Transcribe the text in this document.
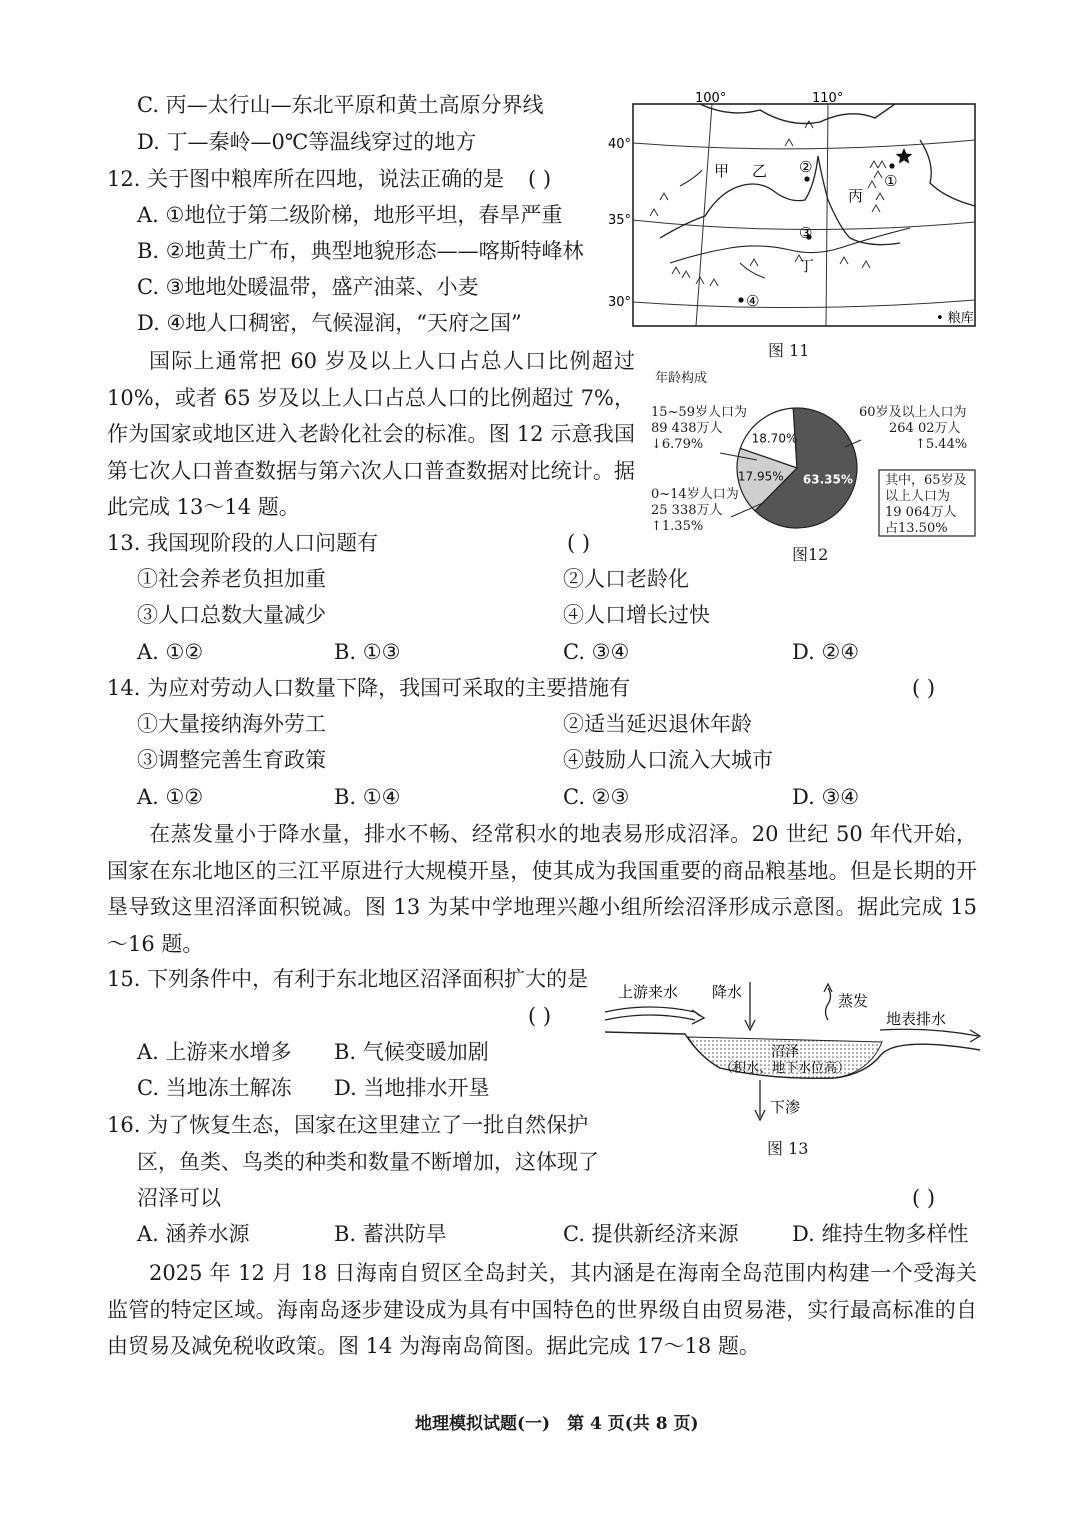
C. 丙—太行山—东北平原和黄土高原分界线
D. 丁—秦岭—0℃等温线穿过的地方
12. 关于图中粮库所在四地，说法正确的是 ( )
A. ①地位于第二级阶梯，地形平坦，春旱严重
B. ②地黄土广布，典型地貌形态——喀斯特峰林
C. ③地地处暖温带，盛产油菜、小麦
D. ④地人口稠密，气候湿润，“天府之国”
100°	110°
40°
35°
30°
甲 乙
丙
丁
①
②
③
④
• 粮库
图 11
国际上通常把 60 岁及以上人口占总人口比例超过 10%，或者 65 岁及以上人口占总人口的比例超过 7%，作为国家或地区进入老龄化社会的标准。图 12 示意我国第七次人口普查数据与第六次人口普查数据对比统计。据此完成 13～14 题。
年龄构成
63.35%
17.95%
18.70%
15~59岁人口为
89 438万人
↓6.79%
0~14岁人口为
25 338万人
↑1.35%
60岁及以上人口为
264 02万人
↑5.44%
其中，65岁及
以上人口为
19 064万人
占13.50%
图12
13. 我国现阶段的人口问题有	( )
①社会养老负担加重	②人口老龄化
③人口总数大量减少	④人口增长过快
A. ①②	B. ①③	C. ③④	D. ②④
14. 为应对劳动人口数量下降，我国可采取的主要措施有	( )
①大量接纳海外劳工	②适当延迟退休年龄
③调整完善生育政策	④鼓励人口流入大城市
A. ①②	B. ①④	C. ②③	D. ③④
在蒸发量小于降水量，排水不畅、经常积水的地表易形成沼泽。20 世纪 50 年代开始，国家在东北地区的三江平原进行大规模开垦，使其成为我国重要的商品粮基地。但是长期的开垦导致这里沼泽面积锐减。图 13 为某中学地理兴趣小组所绘沼泽形成示意图。据此完成 15～16 题。
15. 下列条件中，有利于东北地区沼泽面积扩大的是
( )
A. 上游来水增多 B. 气候变暖加剧
C. 当地冻土解冻 D. 当地排水开垦
上游来水 降水	蒸发
地表排水
沼泽
（积水、地下水位高）
下渗
图 13
16. 为了恢复生态，国家在这里建立了一批自然保护
区，鱼类、鸟类的种类和数量不断增加，这体现了
沼泽可以	( )
A. 涵养水源	B. 蓄洪防旱	C. 提供新经济来源	D. 维持生物多样性
2025 年 12 月 18 日海南自贸区全岛封关，其内涵是在海南全岛范围内构建一个受海关监管的特定区域。海南岛逐步建设成为具有中国特色的世界级自由贸易港，实行最高标准的自由贸易及减免税收政策。图 14 为海南岛简图。据此完成 17～18 题。
地理模拟试题(一)　第 4 页(共 8 页)
